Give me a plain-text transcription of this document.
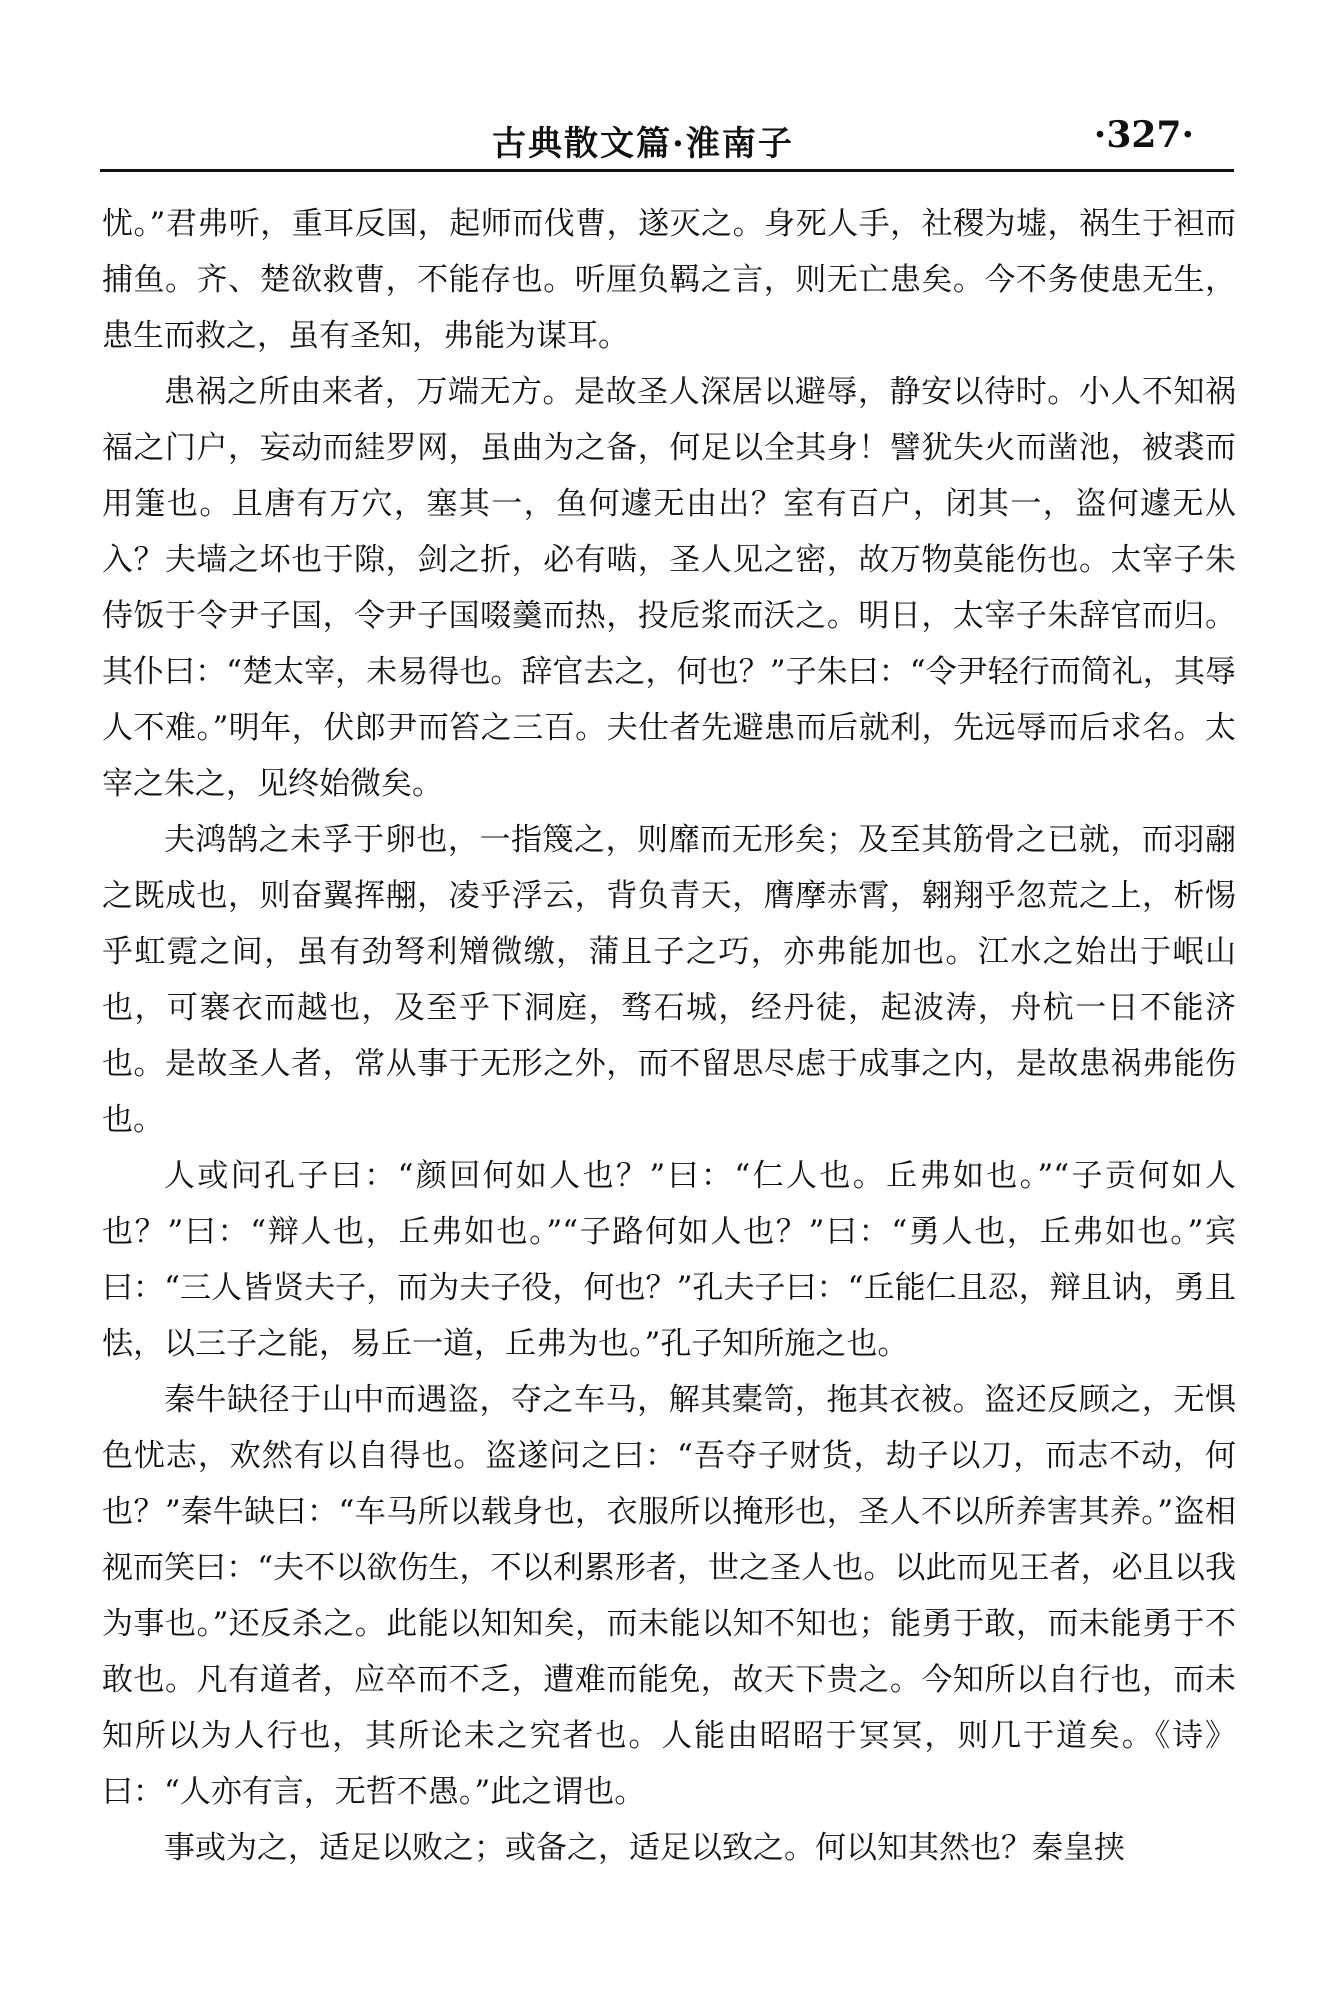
古典散文篇·淮南子	·327·

忧。”君弗听，重耳反国，起师而伐曹，遂灭之。身死人手，社稷为墟，祸生于袒而捕鱼。齐、楚欲救曹，不能存也。听厘负羁之言，则无亡患矣。今不务使患无生，患生而救之，虽有圣知，弗能为谋耳。

患祸之所由来者，万端无方。是故圣人深居以避辱，静安以待时。小人不知祸福之门户，妄动而絓罗网，虽曲为之备，何足以全其身！譬犹失火而凿池，被裘而用箑也。且唐有万穴，塞其一，鱼何遽无由出？室有百户，闭其一，盗何遽无从入？夫墙之坏也于隙，剑之折，必有啮，圣人见之密，故万物莫能伤也。太宰子朱侍饭于令尹子国，令尹子国啜羹而热，投卮浆而沃之。明日，太宰子朱辞官而归。其仆曰：“楚太宰，未易得也。辞官去之，何也？”子朱曰：“令尹轻行而简礼，其辱人不难。”明年，伏郎尹而笞之三百。夫仕者先避患而后就利，先远辱而后求名。太宰之朱之，见终始微矣。

夫鸿鹄之未孚于卵也，一指篾之，则靡而无形矣；及至其筋骨之已就，而羽翮之既成也，则奋翼挥䎃，凌乎浮云，背负青天，膺摩赤霄，翱翔乎忽荒之上，析惕乎虹霓之间，虽有劲弩利矰微缴，蒲且子之巧，亦弗能加也。江水之始出于岷山也，可褰衣而越也，及至乎下洞庭，骛石城，经丹徒，起波涛，舟杭一日不能济也。是故圣人者，常从事于无形之外，而不留思尽虑于成事之内，是故患祸弗能伤也。

人或问孔子曰：“颜回何如人也？”曰：“仁人也。丘弗如也。”“子贡何如人也？”曰：“辩人也，丘弗如也。”“子路何如人也？”曰：“勇人也，丘弗如也。”宾曰：“三人皆贤夫子，而为夫子役，何也？”孔夫子曰：“丘能仁且忍，辩且讷，勇且怯，以三子之能，易丘一道，丘弗为也。”孔子知所施之也。

秦牛缺径于山中而遇盗，夺之车马，解其橐笥，拖其衣被。盗还反顾之，无惧色忧志，欢然有以自得也。盗遂问之曰：“吾夺子财货，劫子以刀，而志不动，何也？”秦牛缺曰：“车马所以载身也，衣服所以掩形也，圣人不以所养害其养。”盗相视而笑曰：“夫不以欲伤生，不以利累形者，世之圣人也。以此而见王者，必且以我为事也。”还反杀之。此能以知知矣，而未能以知不知也；能勇于敢，而未能勇于不敢也。凡有道者，应卒而不乏，遭难而能免，故天下贵之。今知所以自行也，而未知所以为人行也，其所论未之究者也。人能由昭昭于冥冥，则几于道矣。《诗》曰：“人亦有言，无哲不愚。”此之谓也。

事或为之，适足以败之；或备之，适足以致之。何以知其然也？秦皇挟
